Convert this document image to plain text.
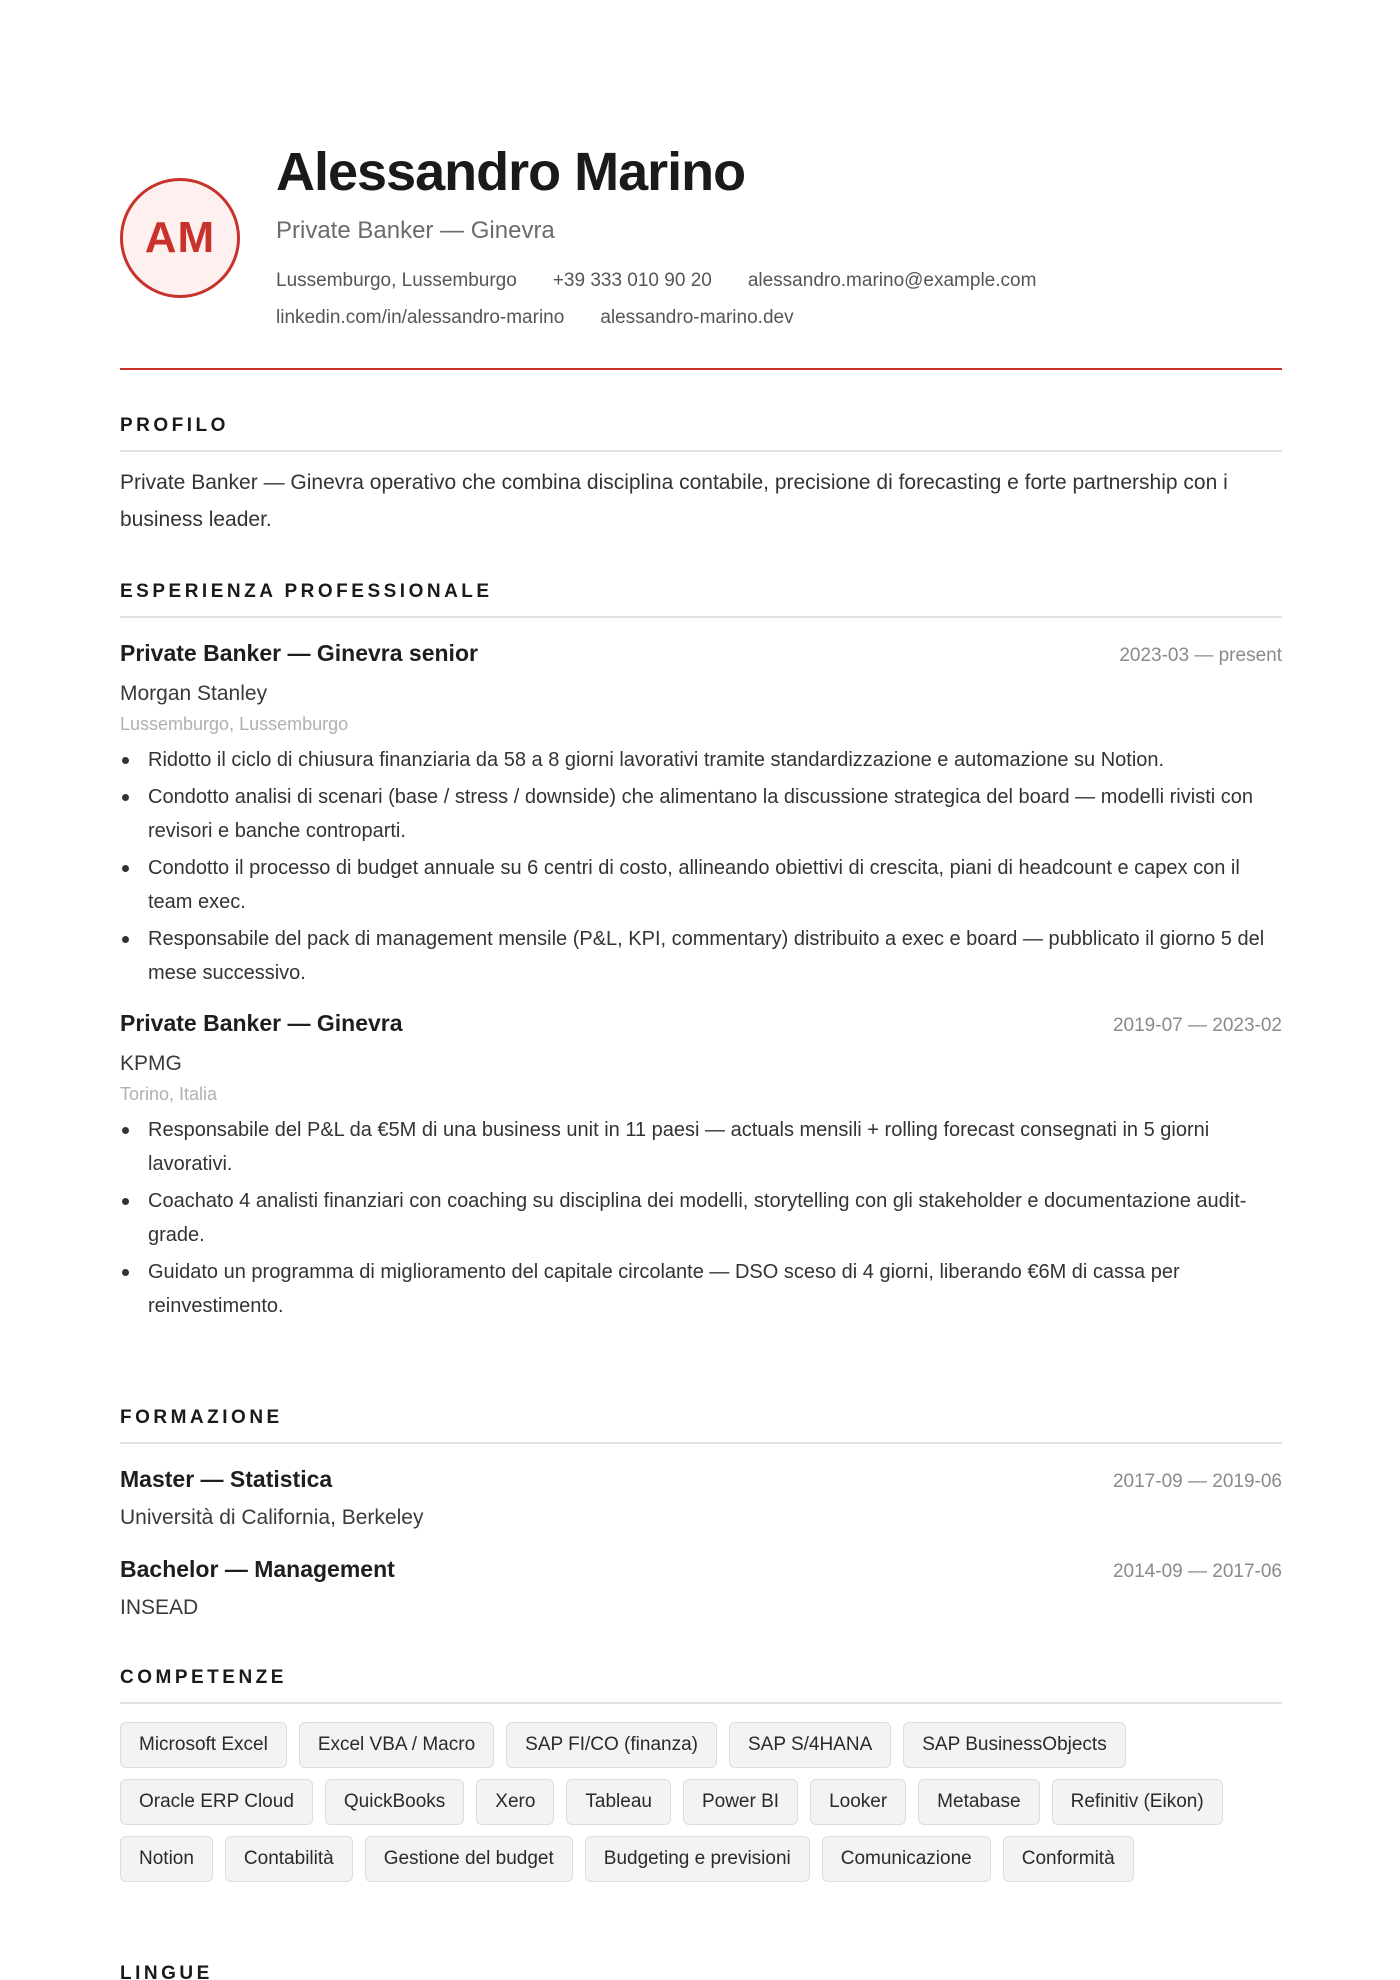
AM
Alessandro Marino
Private Banker — Ginevra
Lussemburgo, Lussemburgo +39 333 010 90 20 alessandro.marino@example.com
linkedin.com/in/alessandro-marino alessandro-marino.dev
PROFILO
Private Banker — Ginevra operativo che combina disciplina contabile, precisione di forecasting e forte partnership con i business leader.
ESPERIENZA PROFESSIONALE
Private Banker — Ginevra senior	2023-03 — present
Morgan Stanley
Lussemburgo, Lussemburgo
Ridotto il ciclo di chiusura finanziaria da 58 a 8 giorni lavorativi tramite standardizzazione e automazione su Notion.
Condotto analisi di scenari (base / stress / downside) che alimentano la discussione strategica del board — modelli rivisti con revisori e banche controparti.
Condotto il processo di budget annuale su 6 centri di costo, allineando obiettivi di crescita, piani di headcount e capex con il team exec.
Responsabile del pack di management mensile (P&L, KPI, commentary) distribuito a exec e board — pubblicato il giorno 5 del mese successivo.
Private Banker — Ginevra	2019-07 — 2023-02
KPMG
Torino, Italia
Responsabile del P&L da €5M di una business unit in 11 paesi — actuals mensili + rolling forecast consegnati in 5 giorni lavorativi.
Coachato 4 analisti finanziari con coaching su disciplina dei modelli, storytelling con gli stakeholder e documentazione audit-grade.
Guidato un programma di miglioramento del capitale circolante — DSO sceso di 4 giorni, liberando €6M di cassa per reinvestimento.
FORMAZIONE
Master — Statistica	2017-09 — 2019-06
Università di California, Berkeley
Bachelor — Management	2014-09 — 2017-06
INSEAD
COMPETENZE
Microsoft Excel	Excel VBA / Macro	SAP FI/CO (finanza)	SAP S/4HANA	SAP BusinessObjects
Oracle ERP Cloud	QuickBooks	Xero	Tableau	Power BI	Looker	Metabase	Refinitiv (Eikon)
Notion	Contabilità	Gestione del budget	Budgeting e previsioni	Comunicazione	Conformità
LINGUE
